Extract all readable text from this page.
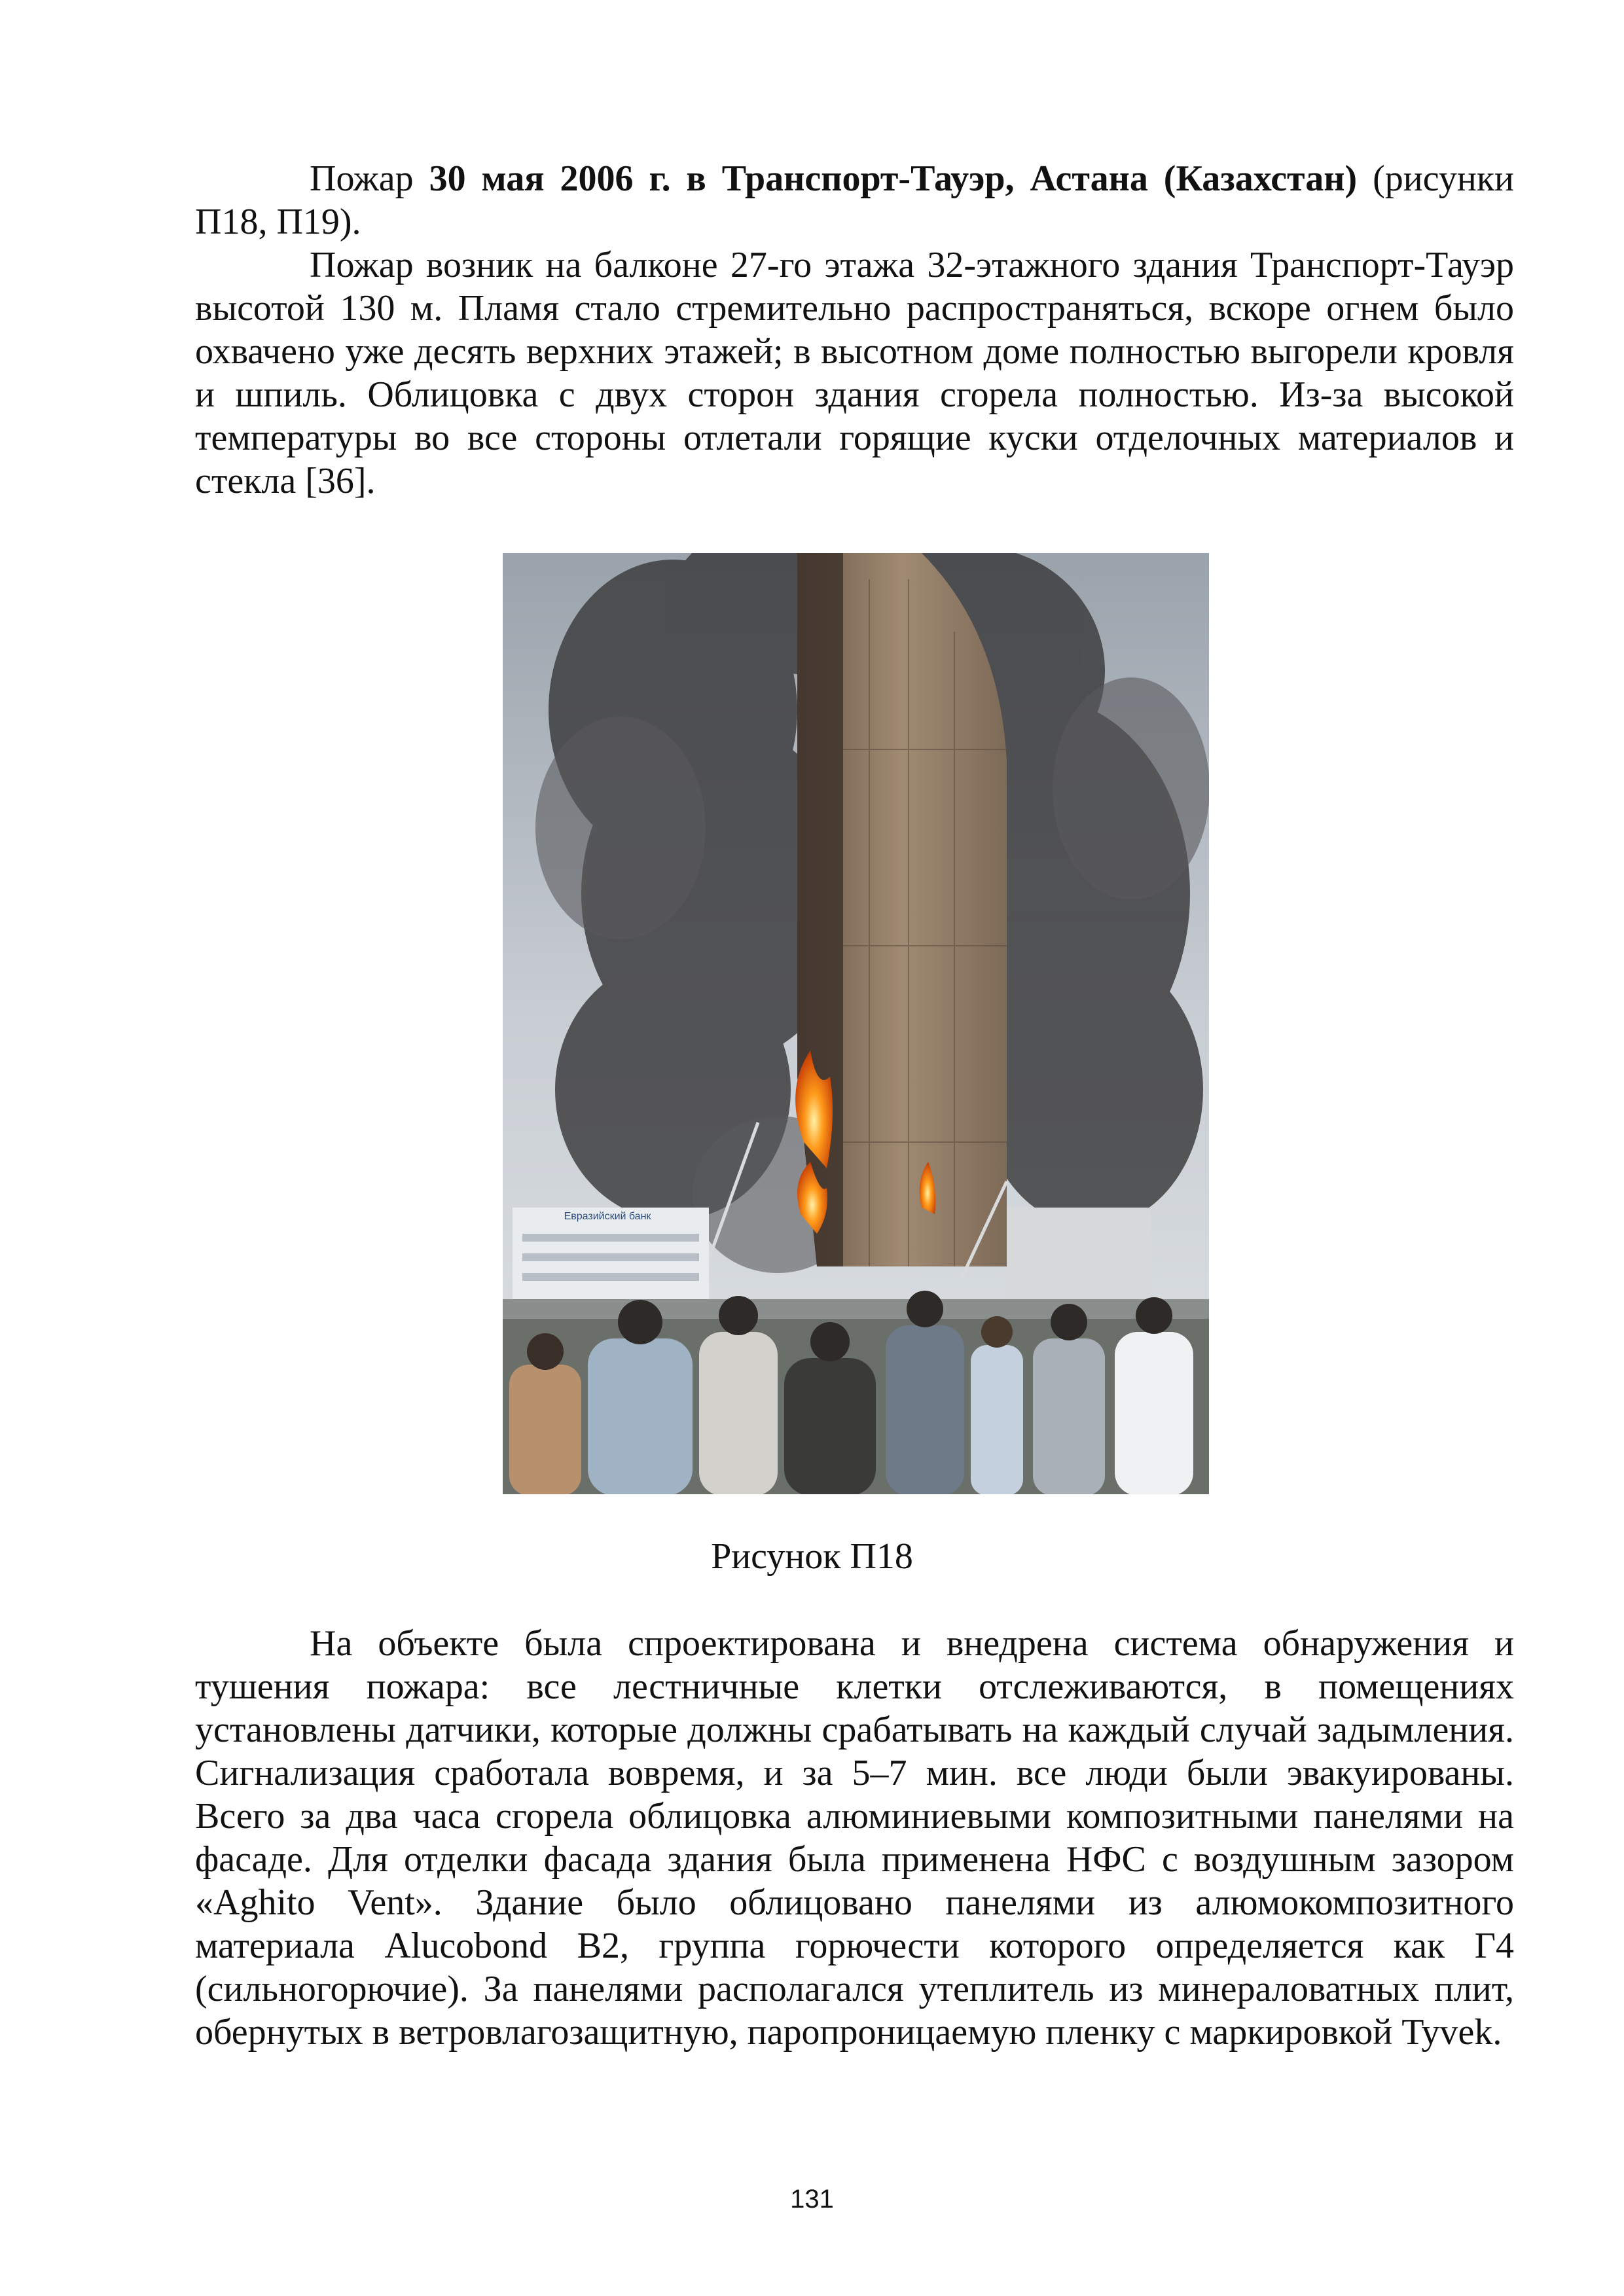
Пожар 30 мая 2006 г. в Транспорт-Тауэр, Астана (Казахстан) (рисунки П18, П19).

Пожар возник на балконе 27-го этажа 32-этажного здания Транспорт-Тауэр высотой 130 м. Пламя стало стремительно распространяться, вскоре огнем было охвачено уже десять верхних этажей; в высотном доме полностью выгорели кровля и шпиль. Облицовка с двух сторон здания сгорела полностью. Из-за высокой температуры во все стороны отлетали горящие куски отделочных материалов и стекла [36].

Евразийский банк

Рисунок П18

На объекте была спроектирована и внедрена система обнаружения и тушения пожара: все лестничные клетки отслеживаются, в помещениях установлены датчики, которые должны срабатывать на каждый случай задымления. Сигнализация сработала вовремя, и за 5–7 мин. все люди были эвакуированы. Всего за два часа сгорела облицовка алюминиевыми композитными панелями на фасаде. Для отделки фасада здания была применена НФС с воздушным зазором «Aghito Vent». Здание было облицовано панелями из алюмокомпозитного материала Alucobond B2, группа горючести которого определяется как Г4 (сильногорючие). За панелями располагался утеплитель из минераловатных плит, обернутых в ветровлагозащитную, паропроницаемую пленку с маркировкой Tyvek.

131
